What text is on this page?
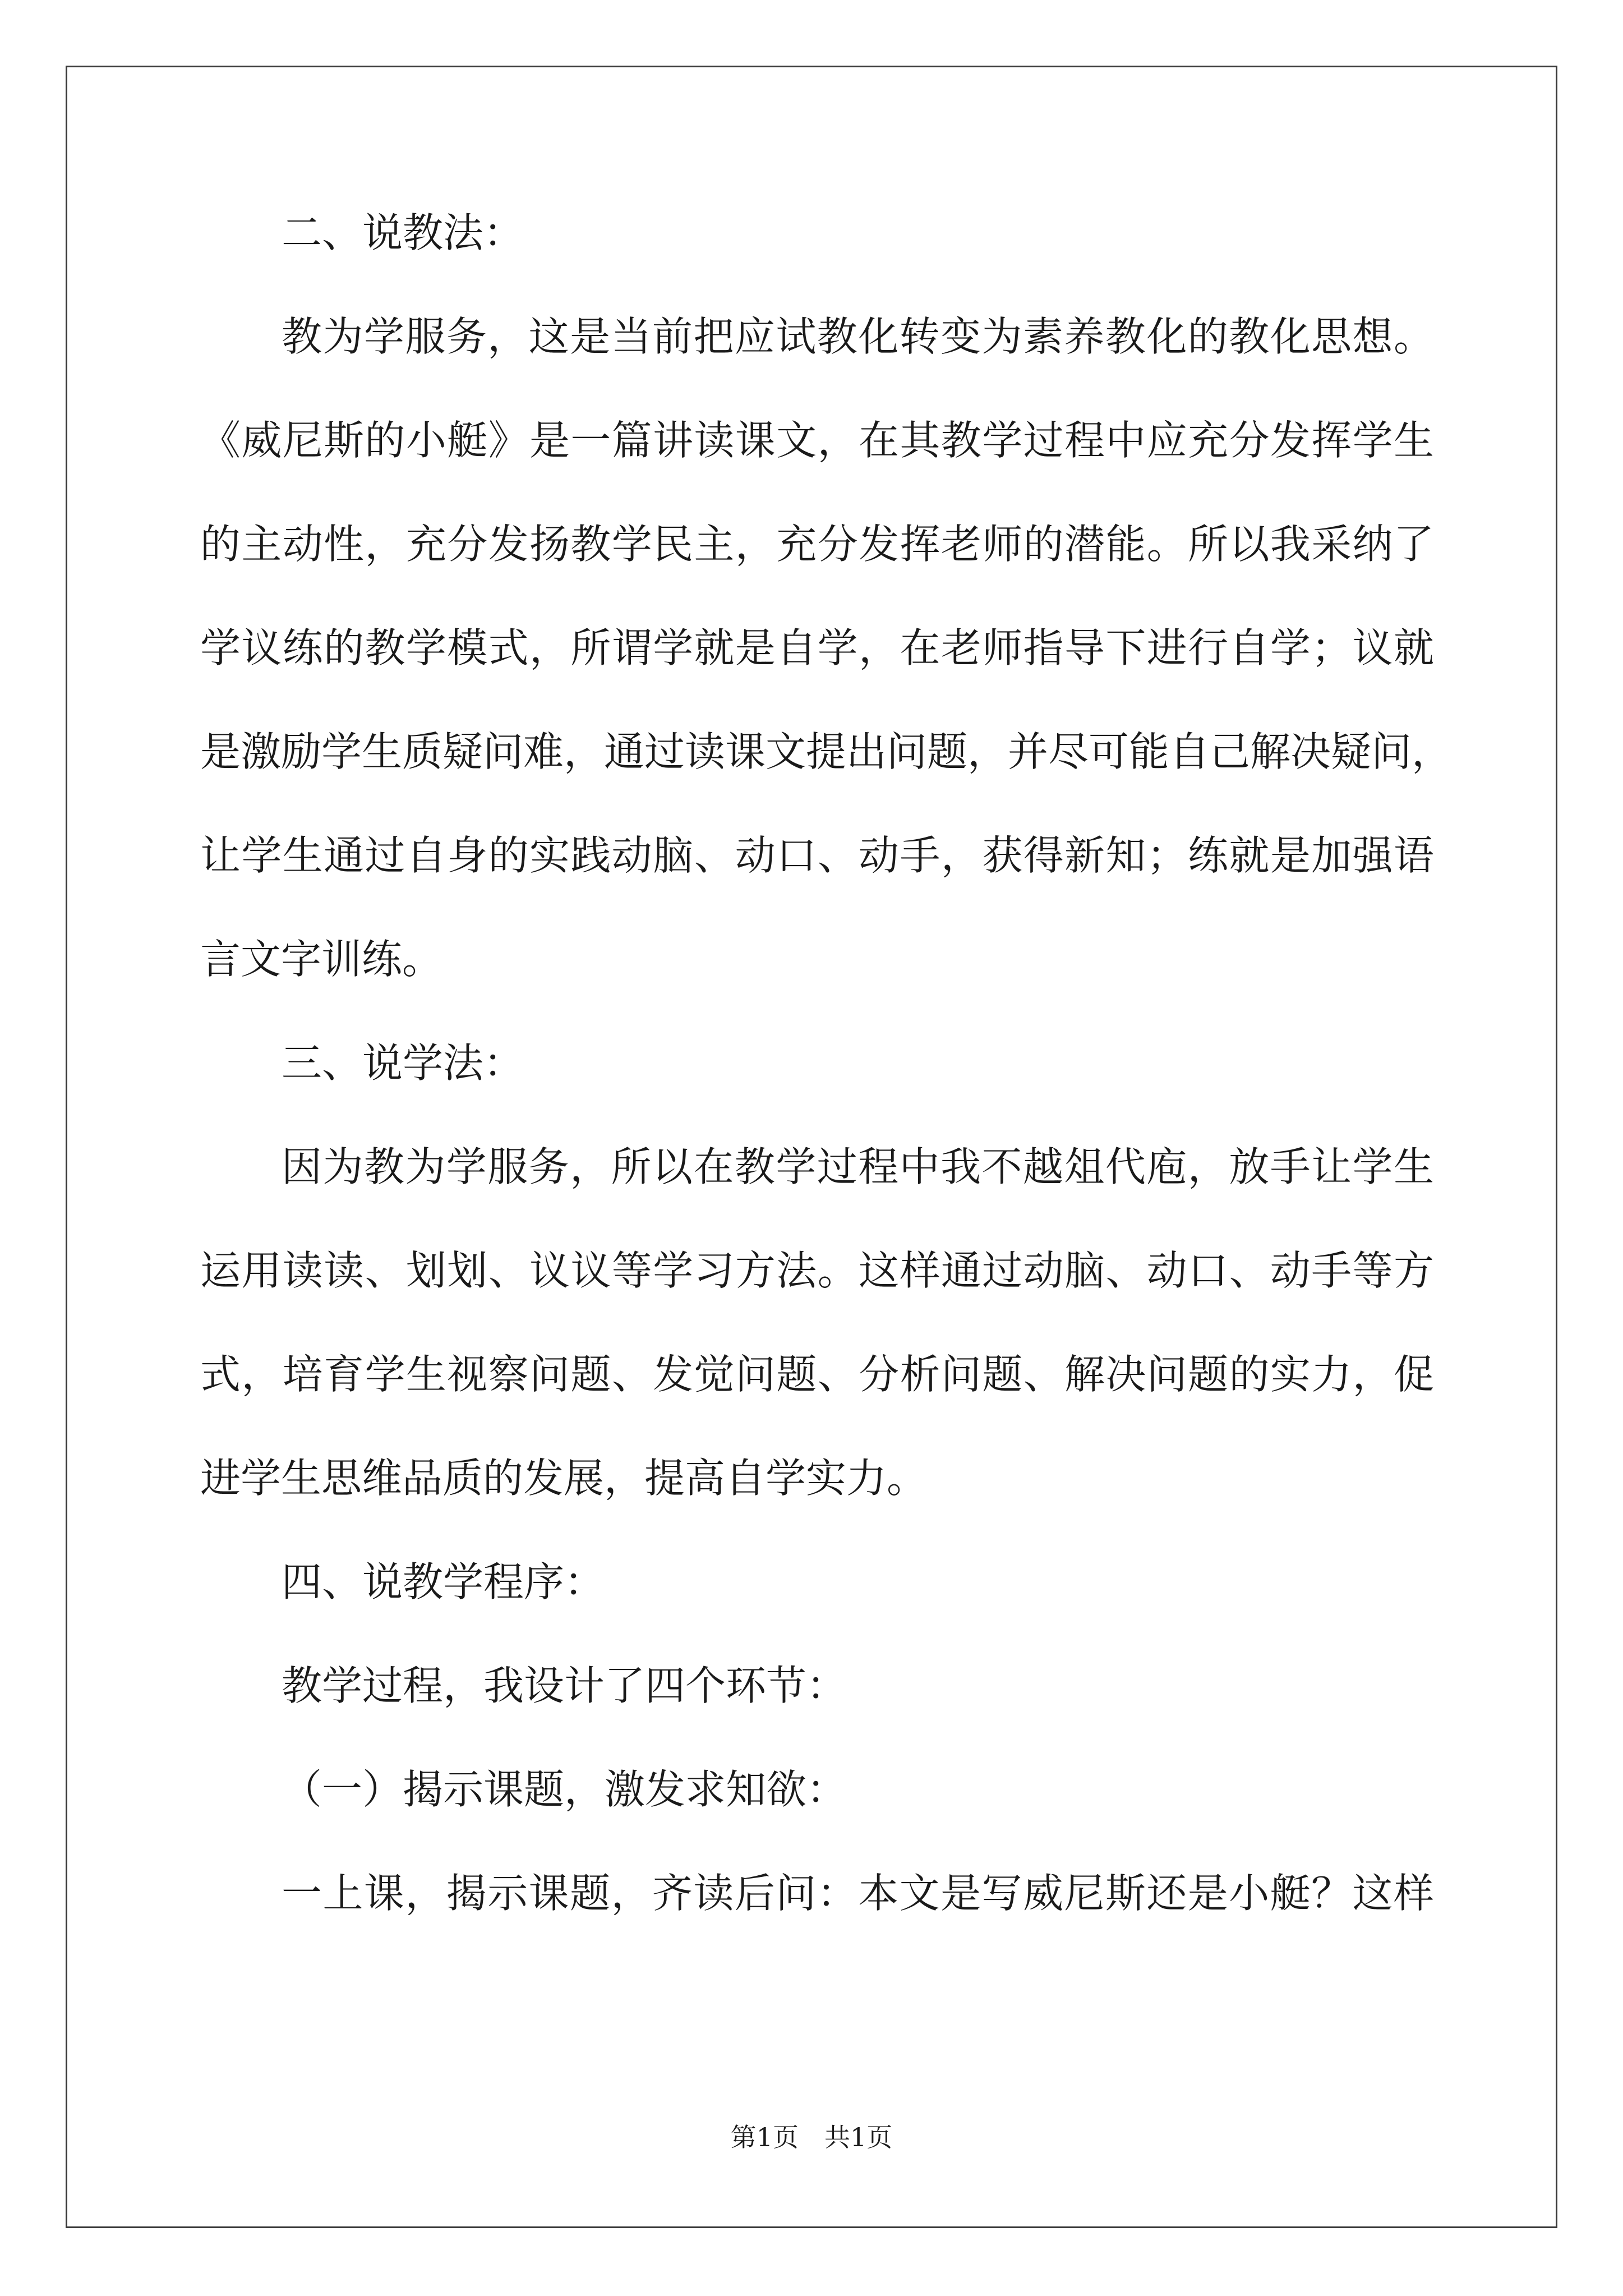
二、说教法：
教为学服务，这是当前把应试教化转变为素养教化的教化思想。
《威尼斯的小艇》是一篇讲读课文，在其教学过程中应充分发挥学生
的主动性，充分发扬教学民主，充分发挥老师的潜能。所以我采纳了
学议练的教学模式，所谓学就是自学，在老师指导下进行自学；议就
是激励学生质疑问难，通过读课文提出问题，并尽可能自己解决疑问，
让学生通过自身的实践动脑、动口、动手，获得新知；练就是加强语
言文字训练。
三、说学法：
因为教为学服务，所以在教学过程中我不越俎代庖，放手让学生
运用读读、划划、议议等学习方法。这样通过动脑、动口、动手等方
式，培育学生视察问题、发觉问题、分析问题、解决问题的实力，促
进学生思维品质的发展，提高自学实力。
四、说教学程序：
教学过程，我设计了四个环节：
（一）揭示课题，激发求知欲：
一上课，揭示课题，齐读后问：本文是写威尼斯还是小艇？这样
第1页　共1页
